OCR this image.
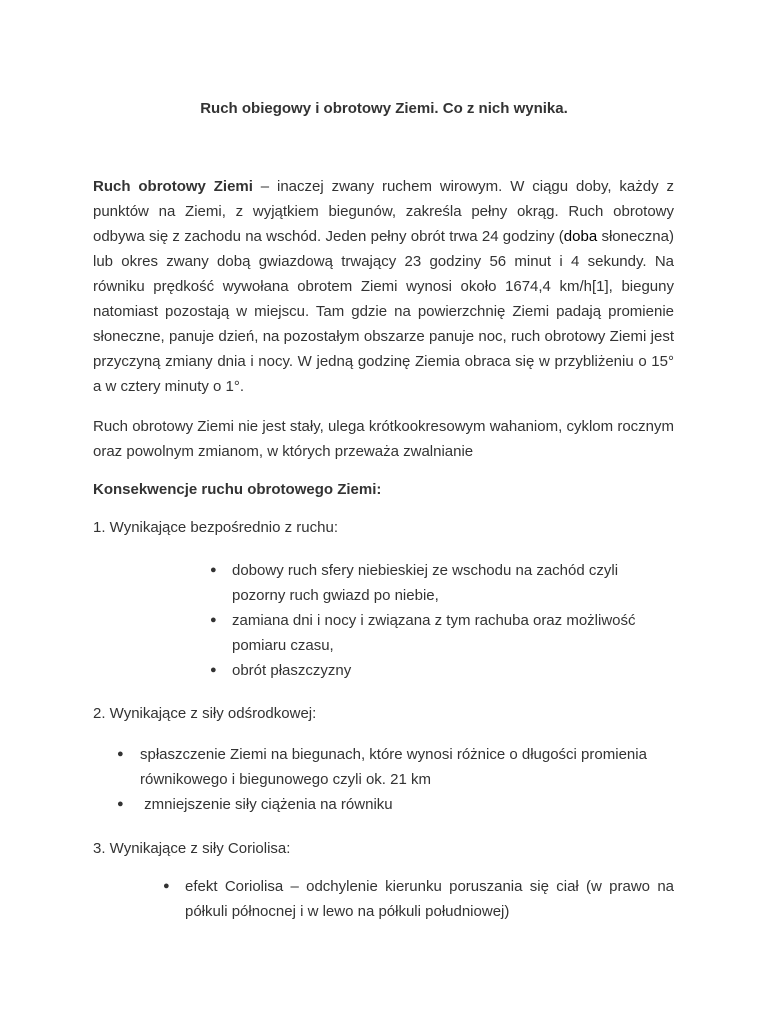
Ruch obiegowy i obrotowy Ziemi. Co z nich wynika.
Ruch obrotowy Ziemi – inaczej zwany ruchem wirowym. W ciągu doby, każdy z punktów na Ziemi, z wyjątkiem biegunów, zakreśla pełny okrąg. Ruch obrotowy odbywa się z zachodu na wschód. Jeden pełny obrót trwa 24 godziny (doba słoneczna) lub okres zwany dobą gwiazdową trwający 23 godziny 56 minut i 4 sekundy. Na równiku prędkość wywołana obrotem Ziemi wynosi około 1674,4 km/h[1], bieguny natomiast pozostają w miejscu. Tam gdzie na powierzchnię Ziemi padają promienie słoneczne, panuje dzień, na pozostałym obszarze panuje noc, ruch obrotowy Ziemi jest przyczyną zmiany dnia i nocy. W jedną godzinę Ziemia obraca się w przybliżeniu o 15° a w cztery minuty o 1°.
Ruch obrotowy Ziemi nie jest stały, ulega krótkookresowym wahaniom, cyklom rocznym oraz powolnym zmianom, w których przeważa zwalnianie
Konsekwencje ruchu obrotowego Ziemi:
1. Wynikające bezpośrednio z ruchu:
●	dobowy ruch sfery niebieskiej ze wschodu na zachód czyli pozorny ruch gwiazd po niebie,
●	zamiana dni i nocy i związana z tym rachuba oraz możliwość pomiaru czasu,
●	obrót płaszczyzny
2. Wynikające z siły odśrodkowej:
●	spłaszczenie Ziemi na biegunach, które wynosi różnice o długości promienia równikowego i biegunowego czyli ok. 21 km
●	zmniejszenie siły ciążenia na równiku
3. Wynikające z siły Coriolisa:
●	efekt Coriolisa – odchylenie kierunku poruszania się ciał (w prawo na półkuli północnej i w lewo na półkuli południowej)
